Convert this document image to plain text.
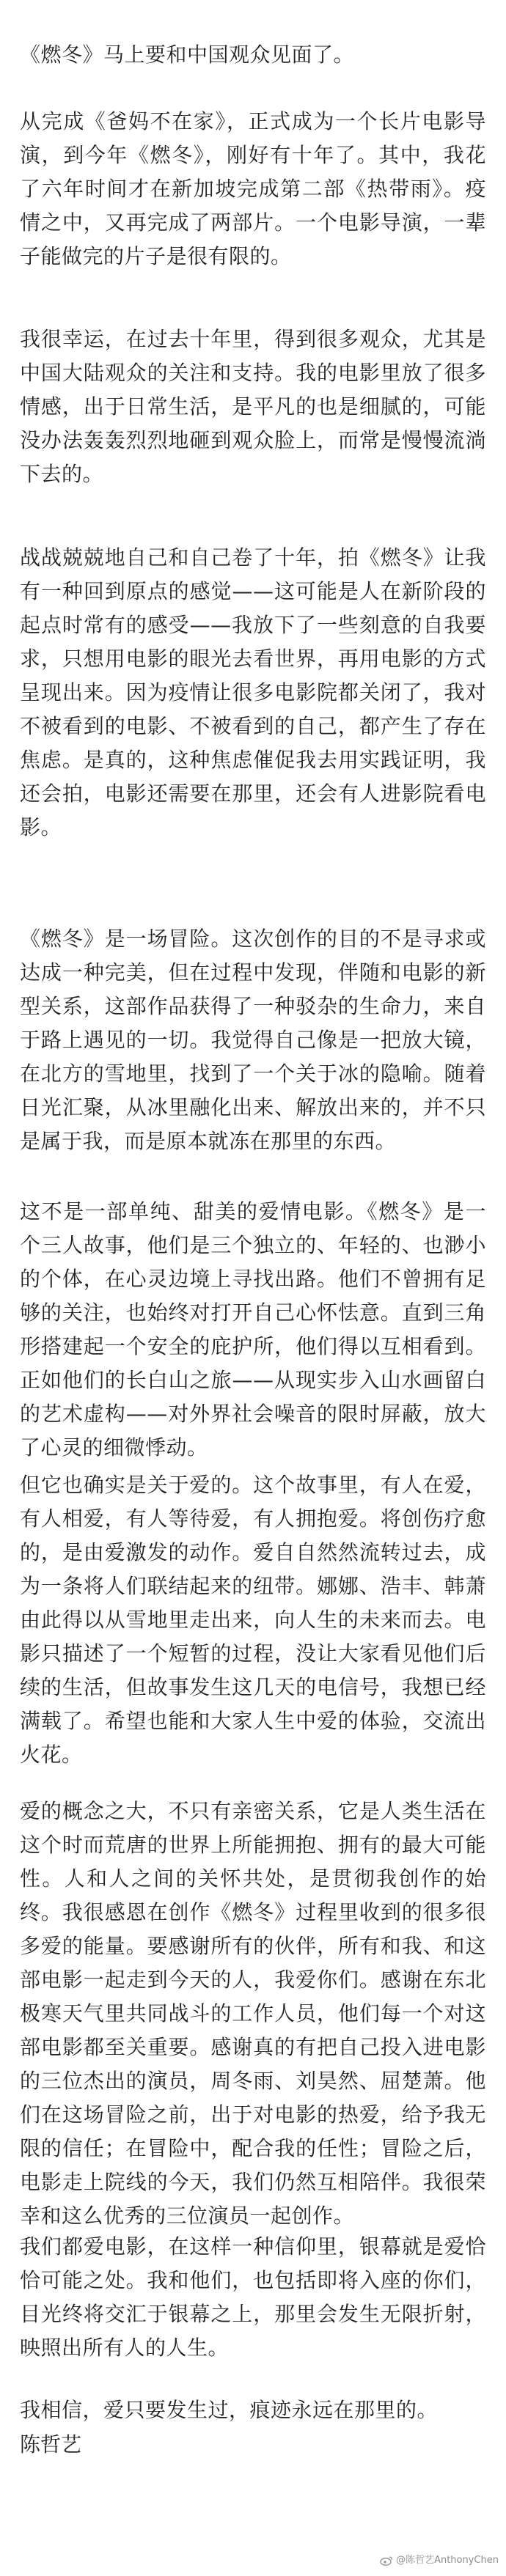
《燃冬》马上要和中国观众见面了。

从完成《爸妈不在家》，正式成为一个长片电影导演，到今年《燃冬》，刚好有十年了。其中，我花了六年时间才在新加坡完成第二部《热带雨》。疫情之中，又再完成了两部片。一个电影导演，一辈子能做完的片子是很有限的。

我很幸运，在过去十年里，得到很多观众，尤其是中国大陆观众的关注和支持。我的电影里放了很多情感，出于日常生活，是平凡的也是细腻的，可能没办法轰轰烈烈地砸到观众脸上，而常是慢慢流淌下去的。

战战兢兢地自己和自己卷了十年，拍《燃冬》让我有一种回到原点的感觉——这可能是人在新阶段的起点时常有的感受——我放下了一些刻意的自我要求，只想用电影的眼光去看世界，再用电影的方式呈现出来。因为疫情让很多电影院都关闭了，我对不被看到的电影、不被看到的自己，都产生了存在焦虑。是真的，这种焦虑催促我去用实践证明，我还会拍，电影还需要在那里，还会有人进影院看电影。

《燃冬》是一场冒险。这次创作的目的不是寻求或达成一种完美，但在过程中发现，伴随和电影的新型关系，这部作品获得了一种驳杂的生命力，来自于路上遇见的一切。我觉得自己像是一把放大镜，在北方的雪地里，找到了一个关于冰的隐喻。随着日光汇聚，从冰里融化出来、解放出来的，并不只是属于我，而是原本就冻在那里的东西。

这不是一部单纯、甜美的爱情电影。《燃冬》是一个三人故事，他们是三个独立的、年轻的、也渺小的个体，在心灵边境上寻找出路。他们不曾拥有足够的关注，也始终对打开自己心怀怯意。直到三角形搭建起一个安全的庇护所，他们得以互相看到。正如他们的长白山之旅——从现实步入山水画留白的艺术虚构——对外界社会噪音的限时屏蔽，放大了心灵的细微悸动。

但它也确实是关于爱的。这个故事里，有人在爱，有人相爱，有人等待爱，有人拥抱爱。将创伤疗愈的，是由爱激发的动作。爱自自然然流转过去，成为一条将人们联结起来的纽带。娜娜、浩丰、韩萧由此得以从雪地里走出来，向人生的未来而去。电影只描述了一个短暂的过程，没让大家看见他们后续的生活，但故事发生这几天的电信号，我想已经满载了。希望也能和大家人生中爱的体验，交流出火花。

爱的概念之大，不只有亲密关系，它是人类生活在这个时而荒唐的世界上所能拥抱、拥有的最大可能性。人和人之间的关怀共处，是贯彻我创作的始终。我很感恩在创作《燃冬》过程里收到的很多很多爱的能量。要感谢所有的伙伴，所有和我、和这部电影一起走到今天的人，我爱你们。感谢在东北极寒天气里共同战斗的工作人员，他们每一个对这部电影都至关重要。感谢真的有把自己投入进电影的三位杰出的演员，周冬雨、刘昊然、屈楚萧。他们在这场冒险之前，出于对电影的热爱，给予我无限的信任；在冒险中，配合我的任性；冒险之后，电影走上院线的今天，我们仍然互相陪伴。我很荣幸和这么优秀的三位演员一起创作。

我们都爱电影，在这样一种信仰里，银幕就是爱恰恰可能之处。我和他们，也包括即将入座的你们，目光终将交汇于银幕之上，那里会发生无限折射，映照出所有人的人生。

我相信，爱只要发生过，痕迹永远在那里的。

陈哲艺

@陈哲艺AnthonyChen
